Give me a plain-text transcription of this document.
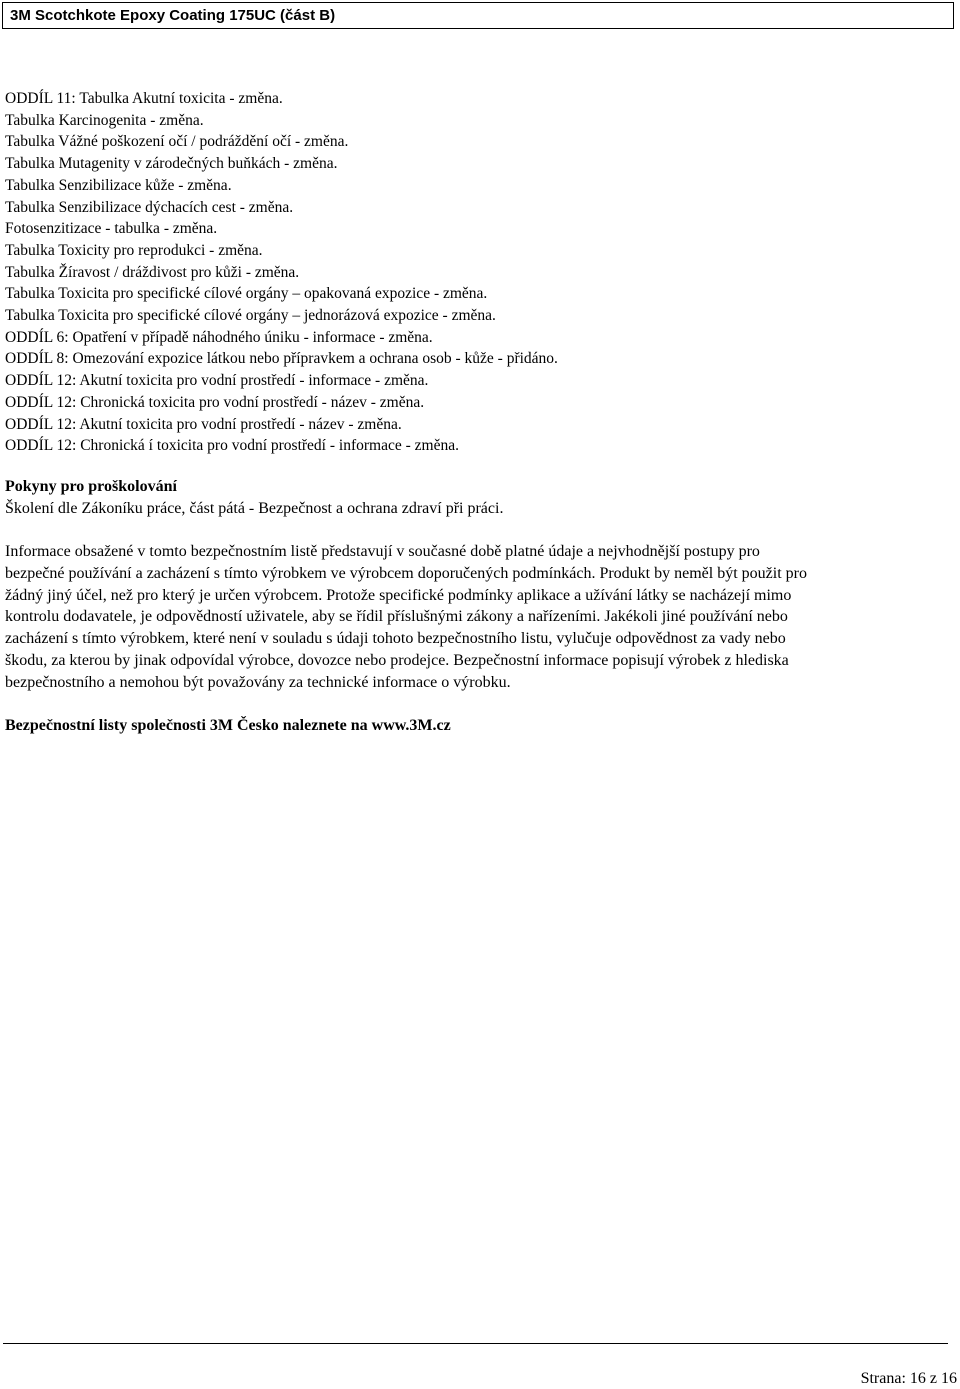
3M Scotchkote Epoxy Coating 175UC (část B)
ODDÍL 11: Tabulka Akutní toxicita - změna.
Tabulka Karcinogenita - změna.
Tabulka Vážné poškození očí / podráždění očí - změna.
Tabulka Mutagenity v zárodečných buňkách - změna.
Tabulka Senzibilizace kůže - změna.
Tabulka Senzibilizace dýchacích cest - změna.
Fotosenzitizace - tabulka - změna.
Tabulka Toxicity pro reprodukci - změna.
Tabulka Žíravost / dráždivost pro kůži - změna.
Tabulka Toxicita pro specifické cílové orgány – opakovaná expozice - změna.
Tabulka Toxicita pro specifické cílové orgány – jednorázová expozice - změna.
ODDÍL 6: Opatření v případě náhodného úniku - informace - změna.
ODDÍL 8: Omezování expozice látkou nebo přípravkem a ochrana osob - kůže - přidáno.
ODDÍL 12: Akutní toxicita pro vodní prostředí - informace - změna.
ODDÍL 12: Chronická toxicita pro vodní prostředí - název - změna.
ODDÍL 12: Akutní toxicita pro vodní prostředí - název - změna.
ODDÍL 12: Chronická í toxicita pro vodní prostředí - informace - změna.
Pokyny pro proškolování
Školení dle Zákoníku práce, část pátá - Bezpečnost a ochrana zdraví při práci.

Informace obsažené v tomto bezpečnostním listě představují v současné době platné údaje a nejvhodnější postupy pro
bezpečné používání a zacházení s tímto výrobkem ve výrobcem doporučených podmínkách. Produkt by neměl být použit pro
žádný jiný účel, než pro který je určen výrobcem. Protože specifické podmínky aplikace a užívání látky se nacházejí mimo
kontrolu dodavatele, je odpovědností uživatele, aby se řídil příslušnými zákony a nařízeními. Jakékoli jiné používání nebo
zacházení s tímto výrobkem, které není v souladu s údaji tohoto bezpečnostního listu, vylučuje odpovědnost za vady nebo
škodu, za kterou by jinak odpovídal výrobce, dovozce nebo prodejce. Bezpečnostní informace popisují výrobek z hlediska
bezpečnostního a nemohou být považovány za technické informace o výrobku.

Bezpečnostní listy společnosti 3M Česko naleznete na www.3M.cz
Strana: 16 z 16
